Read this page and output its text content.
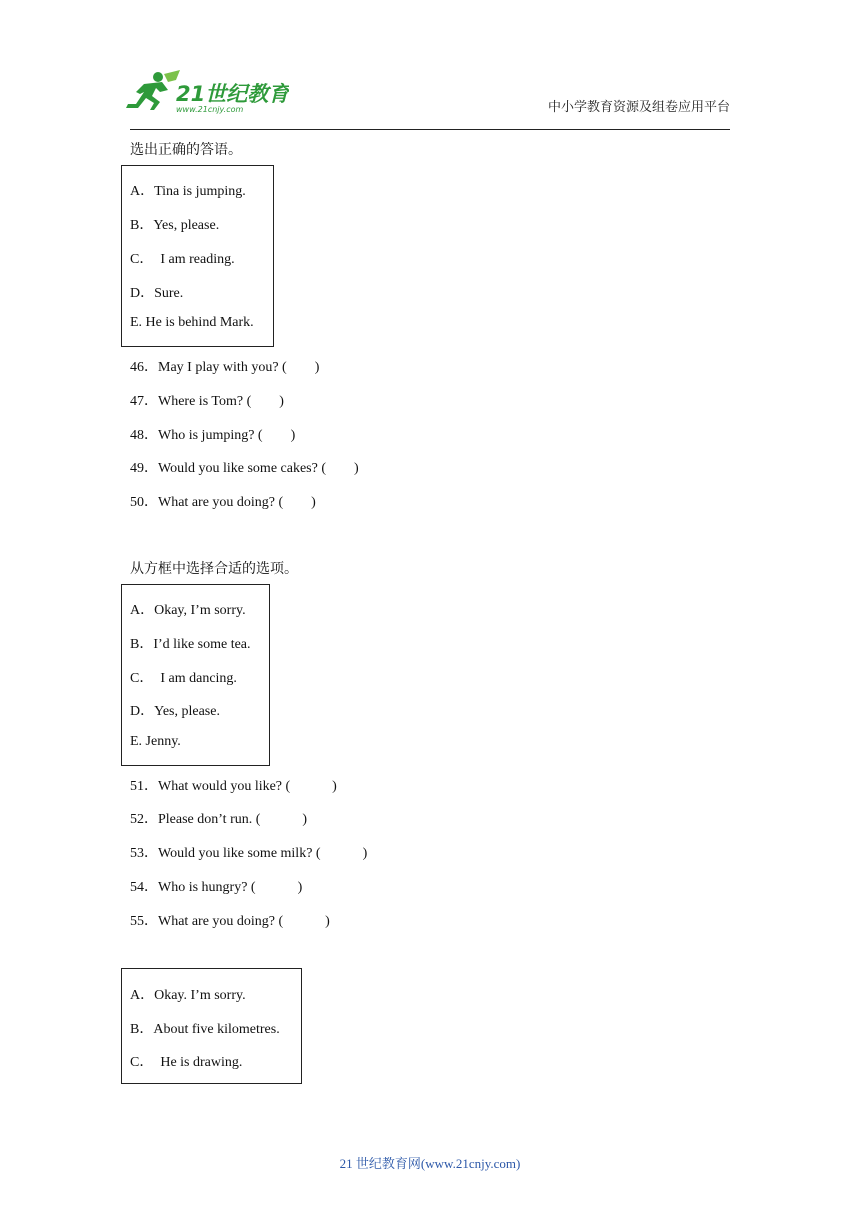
21世纪教育
www.21cnjy.com	中小学教育资源及组卷应用平台
选出正确的答语。
A．Tina is jumping.
B．Yes, please.
C．  I am reading.
D．Sure.
E. He is behind Mark.
46．May I play with you? (        )
47．Where is Tom? (        )
48．Who is jumping? (        )
49．Would you like some cakes? (        )
50．What are you doing? (        )
从方框中选择合适的选项。
A．Okay, I’m sorry.
B．I’d like some tea.
C．  I am dancing.
D．Yes, please.
E. Jenny.
51．What would you like? (            )
52．Please don’t run. (            )
53．Would you like some milk? (            )
54．Who is hungry? (            )
55．What are you doing? (            )
A．Okay. I’m sorry.
B．About five kilometres.
C．  He is drawing.
21 世纪教育网(www.21cnjy.com)
